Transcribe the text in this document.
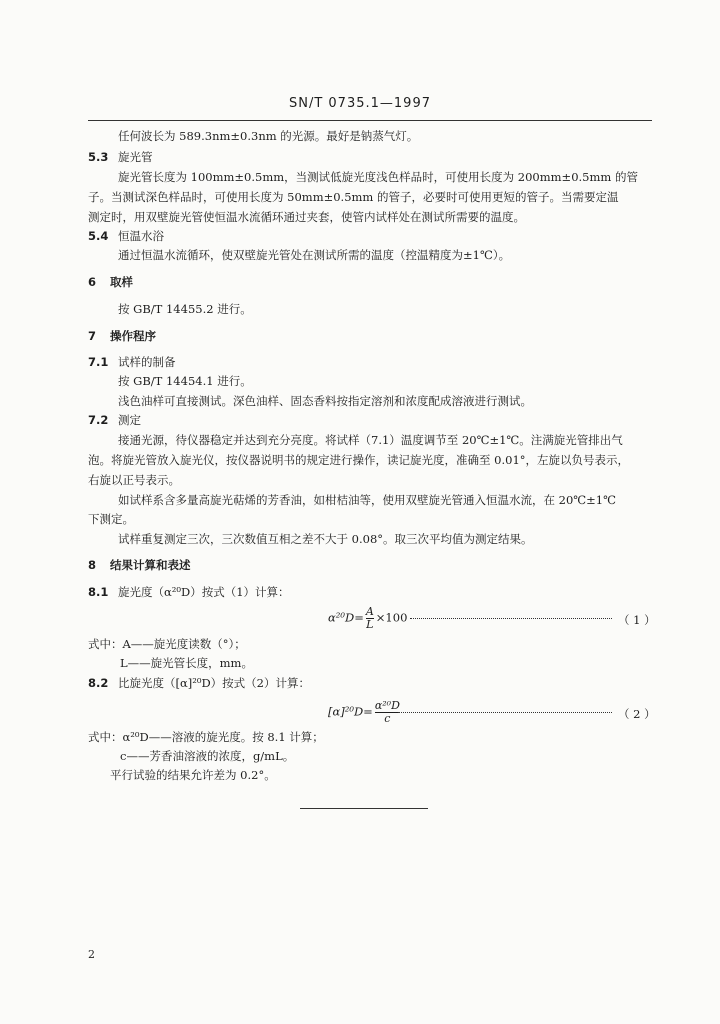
SN/T 0735.1—1997
任何波长为 589.3nm±0.3nm 的光源。最好是钠蒸气灯。
5.3 旋光管
旋光管长度为 100mm±0.5mm，当测试低旋光度浅色样品时，可使用长度为 200mm±0.5mm 的管
子。当测试深色样品时，可使用长度为 50mm±0.5mm 的管子，必要时可使用更短的管子。当需要定温
测定时，用双壁旋光管使恒温水流循环通过夹套，使管内试样处在测试所需要的温度。
5.4 恒温水浴
通过恒温水流循环，使双壁旋光管处在测试所需的温度（控温精度为±1℃）。
6 取样
按 GB/T 14455.2 进行。
7 操作程序
7.1 试样的制备
按 GB/T 14454.1 进行。
浅色油样可直接测试。深色油样、固态香料按指定溶剂和浓度配成溶液进行测试。
7.2 测定
接通光源，待仪器稳定并达到充分亮度。将试样（7.1）温度调节至 20℃±1℃。注满旋光管排出气
泡。将旋光管放入旋光仪，按仪器说明书的规定进行操作，读记旋光度，准确至 0.01°，左旋以负号表示，
右旋以正号表示。
如试样系含多量高旋光萜烯的芳香油，如柑桔油等，使用双壁旋光管通入恒温水流，在 20℃±1℃
下测定。
试样重复测定三次，三次数值互相之差不大于 0.08°。取三次平均值为测定结果。
8 结果计算和表述
8.1 旋光度（α²⁰D）按式（1）计算：
$\alpha^{20}D= \frac{A}{L} \times 100$	（ 1 ）
式中：A——旋光度读数（°）；
L——旋光管长度，mm。
8.2 比旋光度（[α]²⁰D）按式（2）计算：
$[\alpha]^{20}D= \frac{\text{α²⁰D}}{c}$	（ 2 ）
式中：α²⁰D——溶液的旋光度。按 8.1 计算；
c——芳香油溶液的浓度，g/mL。
平行试验的结果允许差为 0.2°。
2
